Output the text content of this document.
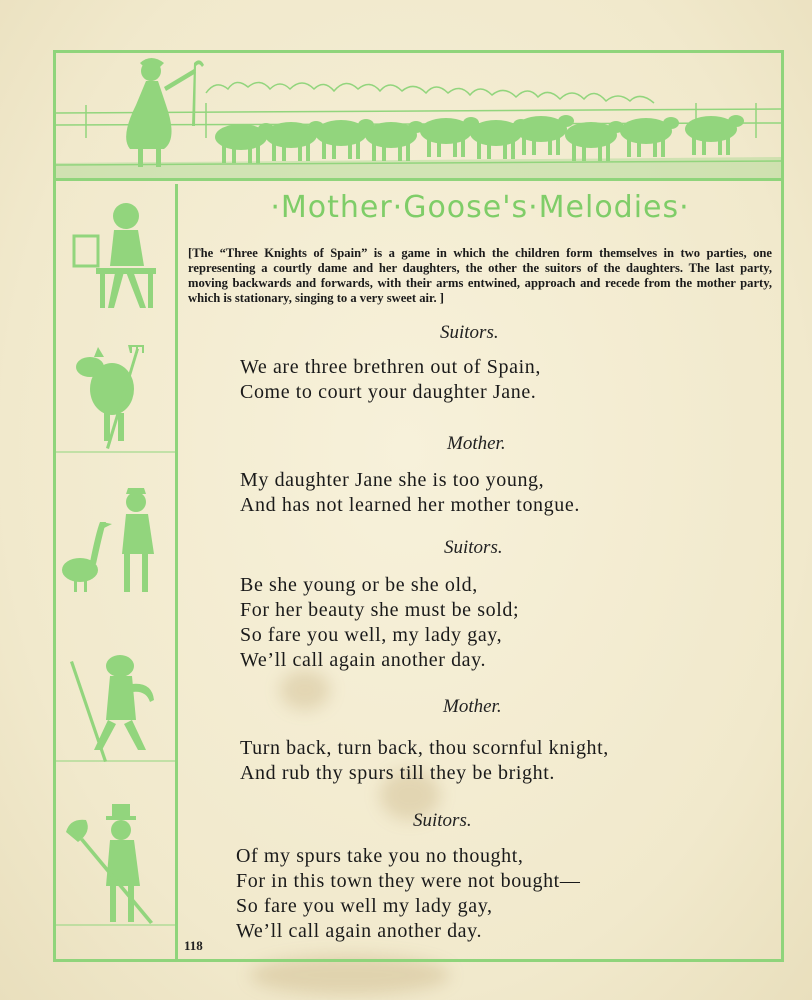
·Mother·Goose's·Melodies·
[The “Three Knights of Spain” is a game in which the children form themselves in two parties, one representing a courtly dame and her daughters, the other the suitors of the daughters. The last party, moving backwards and forwards, with their arms entwined, approach and recede from the mother party, which is stationary, singing to a very sweet air. ]
Suitors.
We are three brethren out of Spain,
Come to court your daughter Jane.
Mother.
My daughter Jane she is too young,
And has not learned her mother tongue.
Suitors.
Be she young or be she old,
For her beauty she must be sold;
So fare you well, my lady gay,
We’ll call again another day.
Mother.
Turn back, turn back, thou scornful knight,
And rub thy spurs till they be bright.
Suitors.
Of my spurs take you no thought,
For in this town they were not bought—
So fare you well my lady gay,
We’ll call again another day.
118
